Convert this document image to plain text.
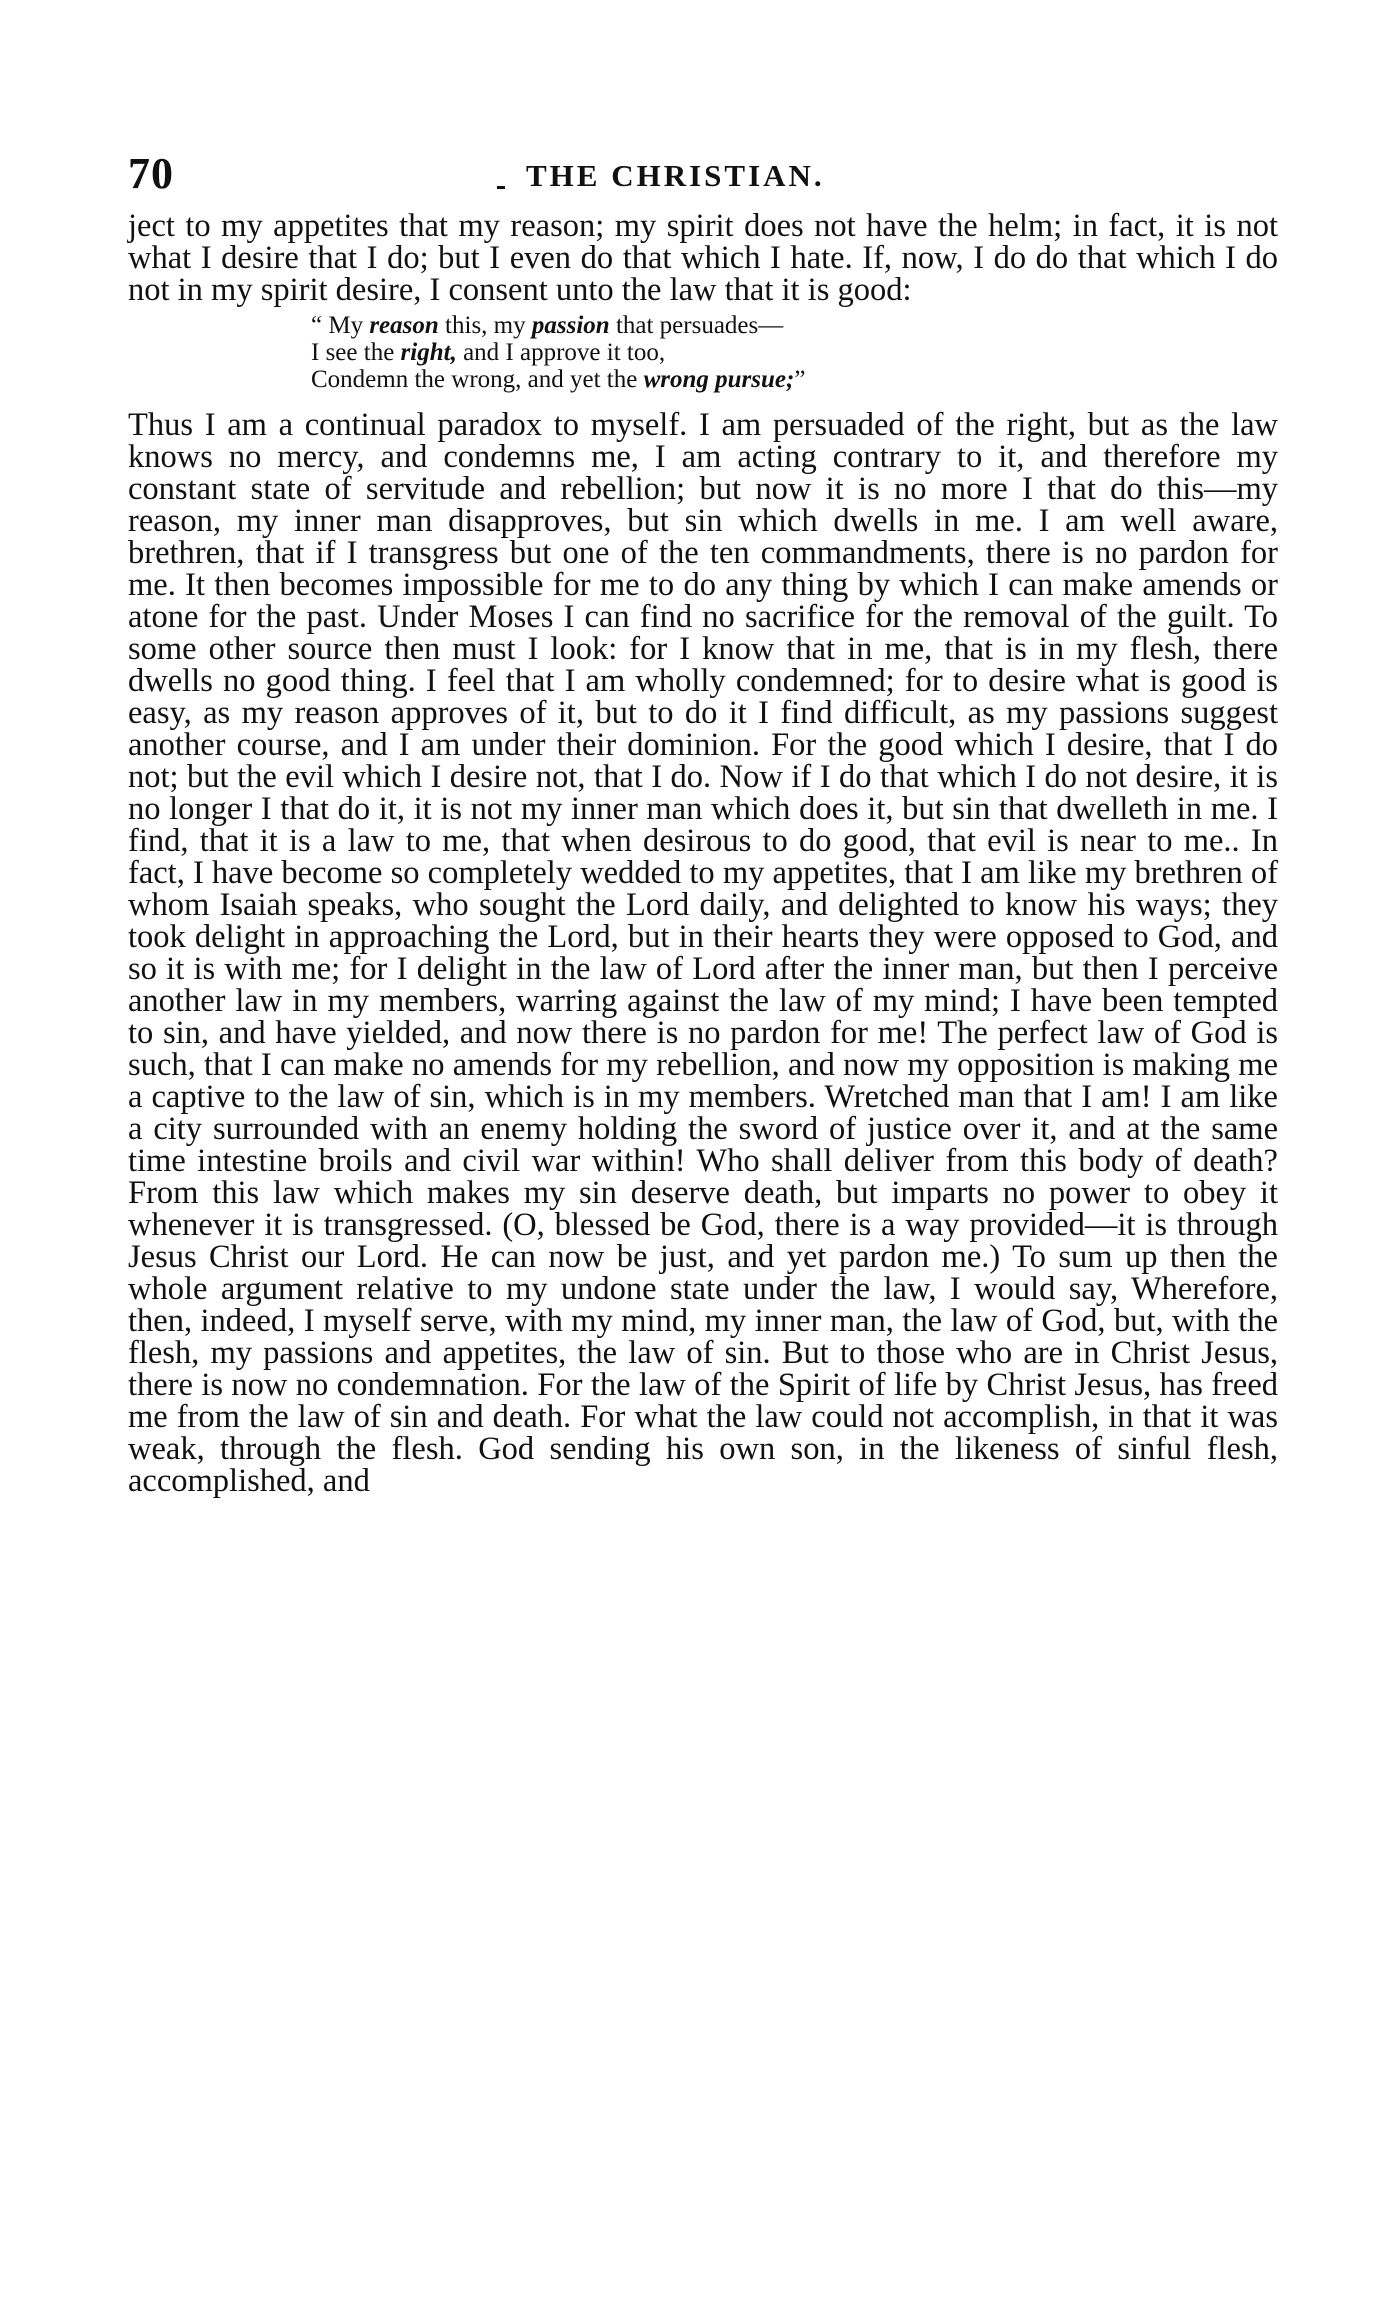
70	THE CHRISTIAN.

ject to my appetites that my reason; my spirit does not have the helm; in fact, it is not what I desire that I do; but I even do that which I hate. If, now, I do do that which I do not in my spirit desire, I consent unto the law that it is good:

“ My reason this, my passion that persuades—
I see the right, and I approve it too,
Condemn the wrong, and yet the wrong pursue;”

Thus I am a continual paradox to myself. I am persuaded of the right, but as the law knows no mercy, and condemns me, I am acting contrary to it, and therefore my constant state of servitude and rebellion; but now it is no more I that do this—my reason, my inner man disapproves, but sin which dwells in me. I am well aware, brethren, that if I transgress but one of the ten commandments, there is no pardon for me. It then becomes impossible for me to do any thing by which I can make amends or atone for the past. Under Moses I can find no sacrifice for the removal of the guilt. To some other source then must I look: for I know that in me, that is in my flesh, there dwells no good thing. I feel that I am wholly condemned; for to desire what is good is easy, as my reason approves of it, but to do it I find difficult, as my passions suggest another course, and I am under their dominion. For the good which I desire, that I do not; but the evil which I desire not, that I do. Now if I do that which I do not desire, it is no longer I that do it, it is not my inner man which does it, but sin that dwelleth in me. I find, that it is a law to me, that when desirous to do good, that evil is near to me.. In fact, I have become so completely wedded to my appetites, that I am like my brethren of whom Isaiah speaks, who sought the Lord daily, and delighted to know his ways; they took delight in approaching the Lord, but in their hearts they were opposed to God, and so it is with me; for I delight in the law of Lord after the inner man, but then I perceive another law in my members, warring against the law of my mind; I have been tempted to sin, and have yielded, and now there is no pardon for me! The perfect law of God is such, that I can make no amends for my rebellion, and now my opposition is making me a captive to the law of sin, which is in my members. Wretched man that I am! I am like a city surrounded with an enemy holding the sword of justice over it, and at the same time intestine broils and civil war within! Who shall deliver from this body of death? From this law which makes my sin deserve death, but imparts no power to obey it whenever it is transgressed. (O, blessed be God, there is a way provided—it is through Jesus Christ our Lord. He can now be just, and yet pardon me.) To sum up then the whole argument relative to my undone state under the law, I would say, Wherefore, then, indeed, I myself serve, with my mind, my inner man, the law of God, but, with the flesh, my passions and appetites, the law of sin. But to those who are in Christ Jesus, there is now no condemnation. For the law of the Spirit of life by Christ Jesus, has freed me from the law of sin and death. For what the law could not accomplish, in that it was weak, through the flesh. God sending his own son, in the likeness of sinful flesh, accomplished, and
